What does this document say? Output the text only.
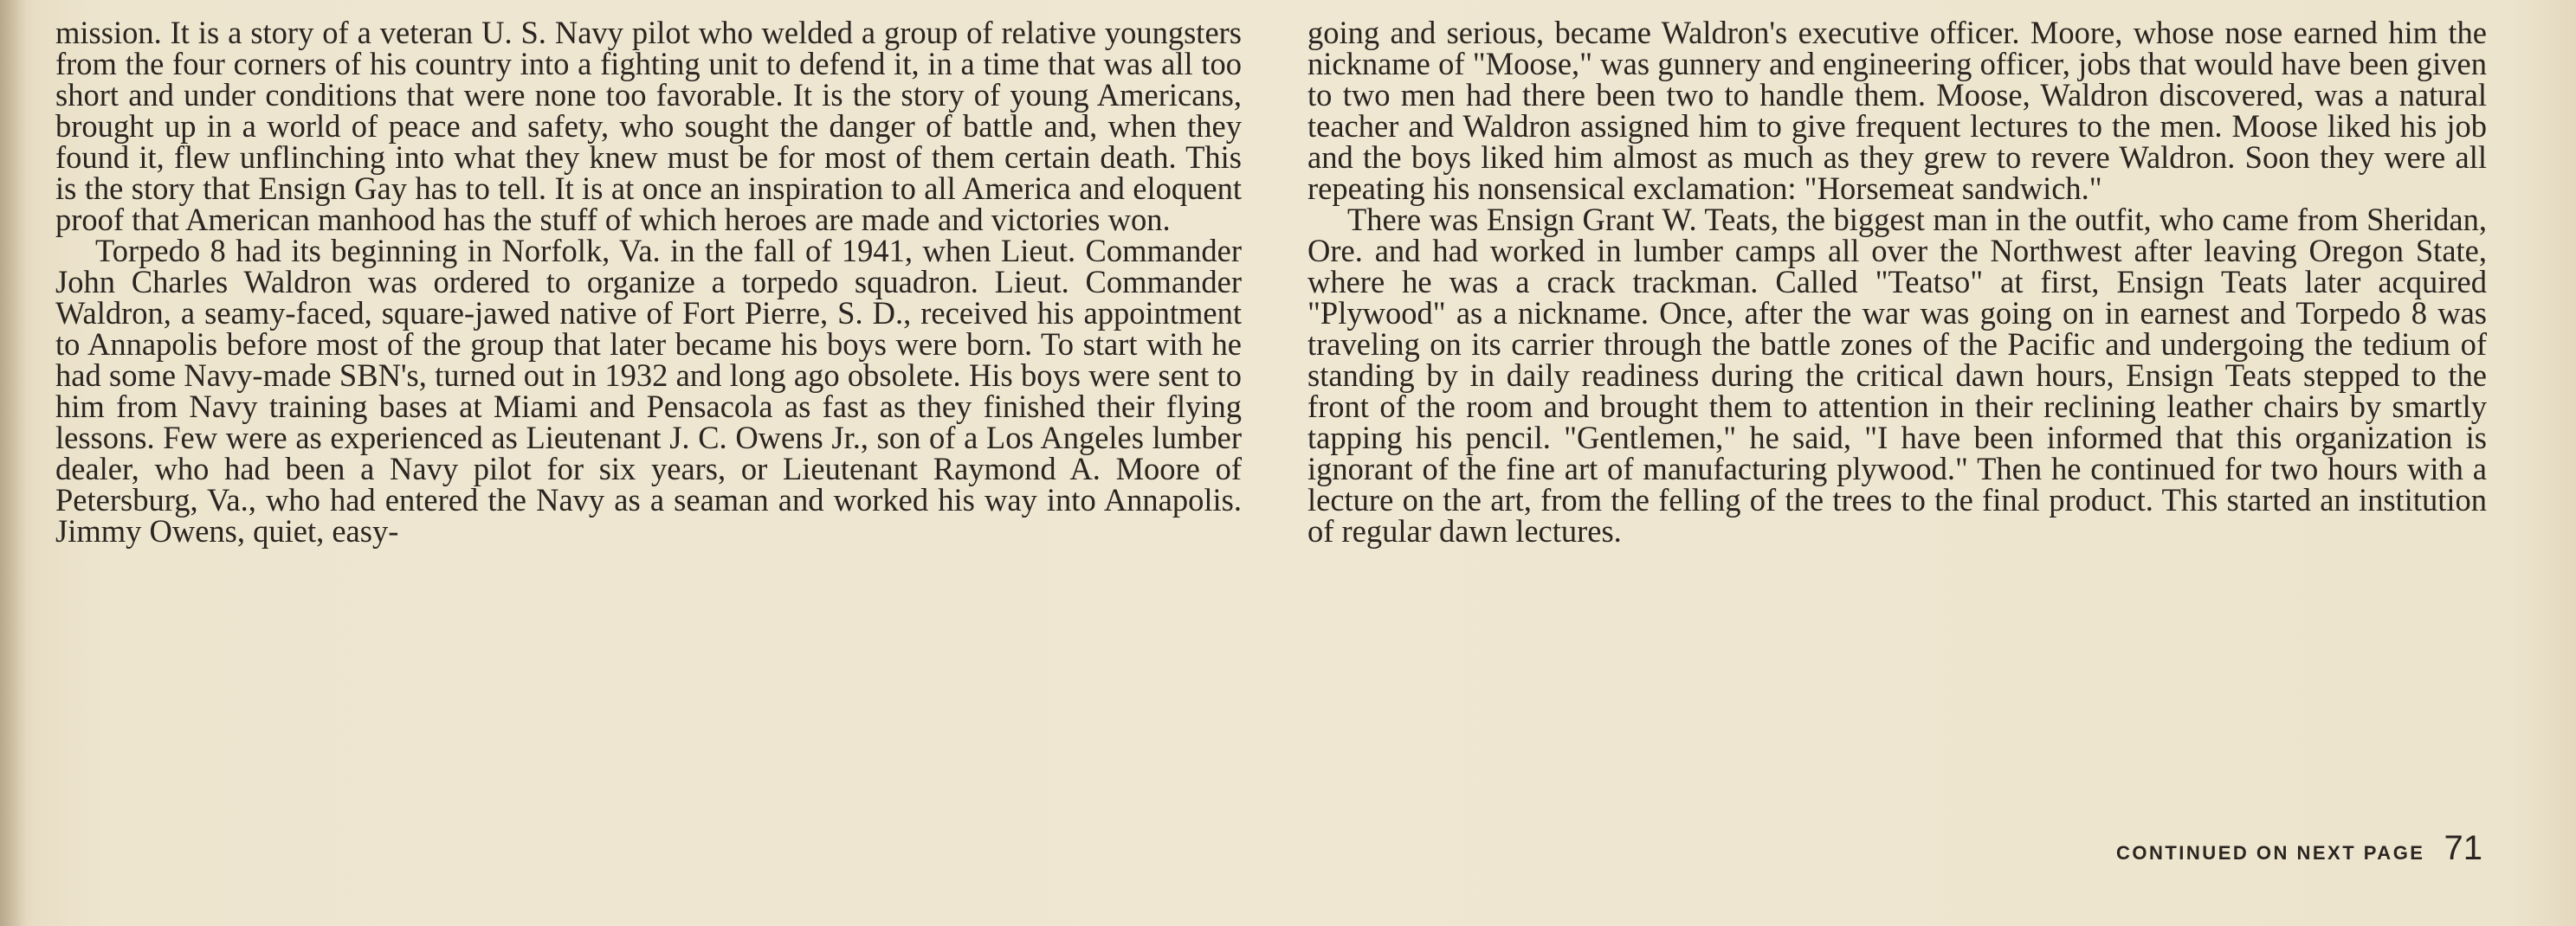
mission. It is a story of a veteran U. S. Navy pilot who welded a group of relative youngsters from the four corners of his country into a fighting unit to defend it, in a time that was all too short and under conditions that were none too favorable. It is the story of young Americans, brought up in a world of peace and safety, who sought the danger of battle and, when they found it, flew unflinching into what they knew must be for most of them certain death. This is the story that Ensign Gay has to tell. It is at once an inspiration to all America and eloquent proof that American manhood has the stuff of which heroes are made and victories won.

Torpedo 8 had its beginning in Norfolk, Va. in the fall of 1941, when Lieut. Commander John Charles Waldron was ordered to organize a torpedo squadron. Lieut. Commander Waldron, a seamy-faced, square-jawed native of Fort Pierre, S. D., received his appointment to Annapolis before most of the group that later became his boys were born. To start with he had some Navy-made SBN's, turned out in 1932 and long ago obsolete. His boys were sent to him from Navy training bases at Miami and Pensacola as fast as they finished their flying lessons. Few were as experienced as Lieutenant J. C. Owens Jr., son of a Los Angeles lumber dealer, who had been a Navy pilot for six years, or Lieutenant Raymond A. Moore of Petersburg, Va., who had entered the Navy as a seaman and worked his way into Annapolis. Jimmy Owens, quiet, easy-

going and serious, became Waldron's executive officer. Moore, whose nose earned him the nickname of "Moose," was gunnery and engineering officer, jobs that would have been given to two men had there been two to handle them. Moose, Waldron discovered, was a natural teacher and Waldron assigned him to give frequent lectures to the men. Moose liked his job and the boys liked him almost as much as they grew to revere Waldron. Soon they were all repeating his nonsensical exclamation: "Horsemeat sandwich."

There was Ensign Grant W. Teats, the biggest man in the outfit, who came from Sheridan, Ore. and had worked in lumber camps all over the Northwest after leaving Oregon State, where he was a crack trackman. Called "Teatso" at first, Ensign Teats later acquired "Plywood" as a nickname. Once, after the war was going on in earnest and Torpedo 8 was traveling on its carrier through the battle zones of the Pacific and undergoing the tedium of standing by in daily readiness during the critical dawn hours, Ensign Teats stepped to the front of the room and brought them to attention in their reclining leather chairs by smartly tapping his pencil. "Gentlemen," he said, "I have been informed that this organization is ignorant of the fine art of manufacturing plywood." Then he continued for two hours with a lecture on the art, from the felling of the trees to the final product. This started an institution of regular dawn lectures.

CONTINUED ON NEXT PAGE 71
